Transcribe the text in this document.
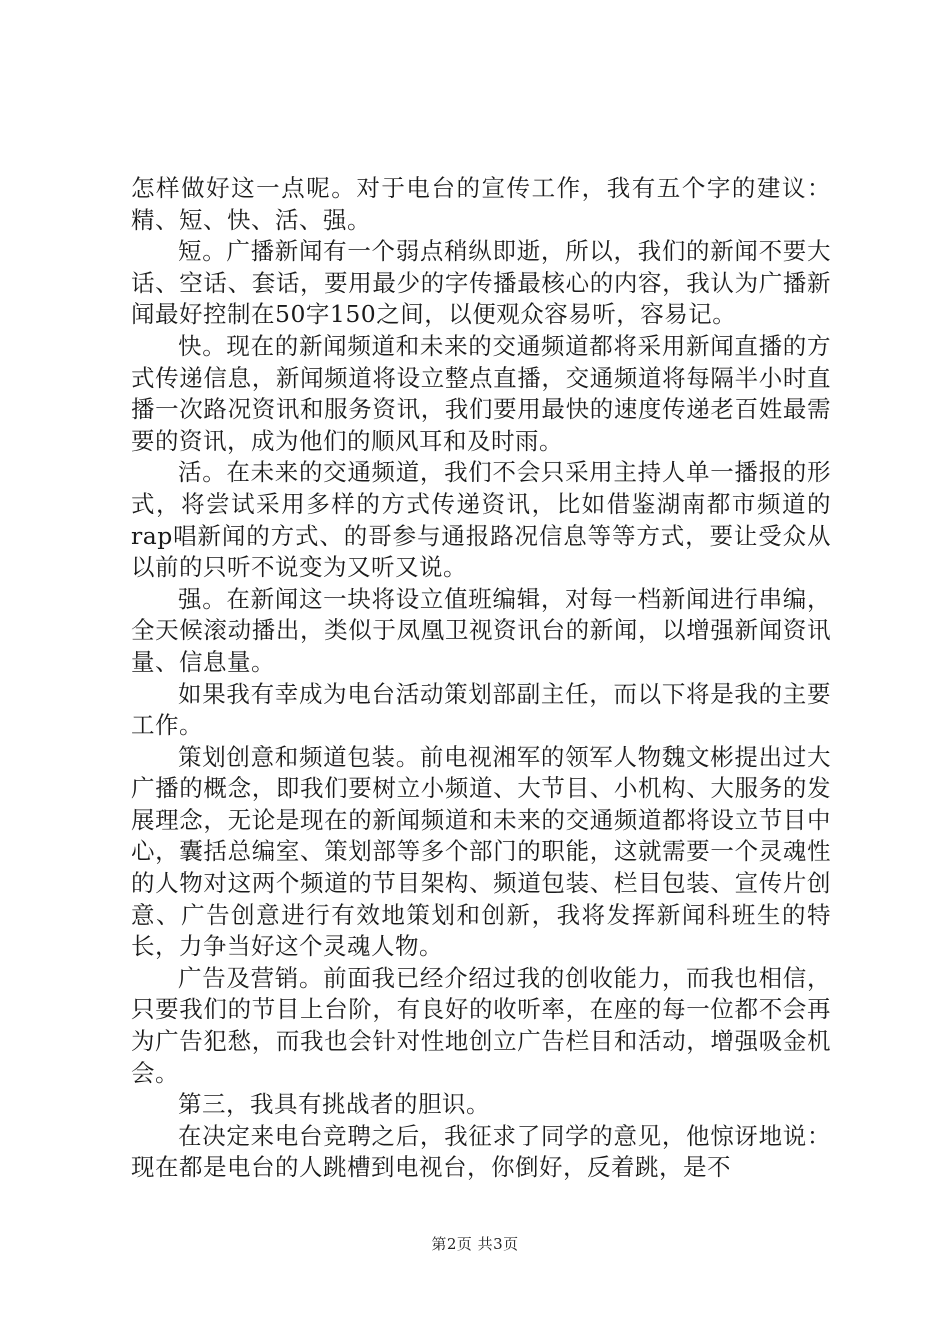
怎样做好这一点呢。对于电台的宣传工作，我有五个字的建议：精、短、快、活、强。

短。广播新闻有一个弱点稍纵即逝，所以，我们的新闻不要大话、空话、套话，要用最少的字传播最核心的内容，我认为广播新闻最好控制在50字150之间，以便观众容易听，容易记。

快。现在的新闻频道和未来的交通频道都将采用新闻直播的方式传递信息，新闻频道将设立整点直播，交通频道将每隔半小时直播一次路况资讯和服务资讯，我们要用最快的速度传递老百姓最需要的资讯，成为他们的顺风耳和及时雨。

活。在未来的交通频道，我们不会只采用主持人单一播报的形式，将尝试采用多样的方式传递资讯，比如借鉴湖南都市频道的rap唱新闻的方式、的哥参与通报路况信息等等方式，要让受众从以前的只听不说变为又听又说。

强。在新闻这一块将设立值班编辑，对每一档新闻进行串编，全天候滚动播出，类似于凤凰卫视资讯台的新闻，以增强新闻资讯量、信息量。

如果我有幸成为电台活动策划部副主任，而以下将是我的主要工作。

策划创意和频道包装。前电视湘军的领军人物魏文彬提出过大广播的概念，即我们要树立小频道、大节目、小机构、大服务的发展理念，无论是现在的新闻频道和未来的交通频道都将设立节目中心，囊括总编室、策划部等多个部门的职能，这就需要一个灵魂性的人物对这两个频道的节目架构、频道包装、栏目包装、宣传片创意、广告创意进行有效地策划和创新，我将发挥新闻科班生的特长，力争当好这个灵魂人物。

广告及营销。前面我已经介绍过我的创收能力，而我也相信，只要我们的节目上台阶，有良好的收听率，在座的每一位都不会再为广告犯愁，而我也会针对性地创立广告栏目和活动，增强吸金机会。

第三，我具有挑战者的胆识。

在决定来电台竞聘之后，我征求了同学的意见，他惊讶地说：现在都是电台的人跳槽到电视台，你倒好，反着跳，是不

第2页 共3页
